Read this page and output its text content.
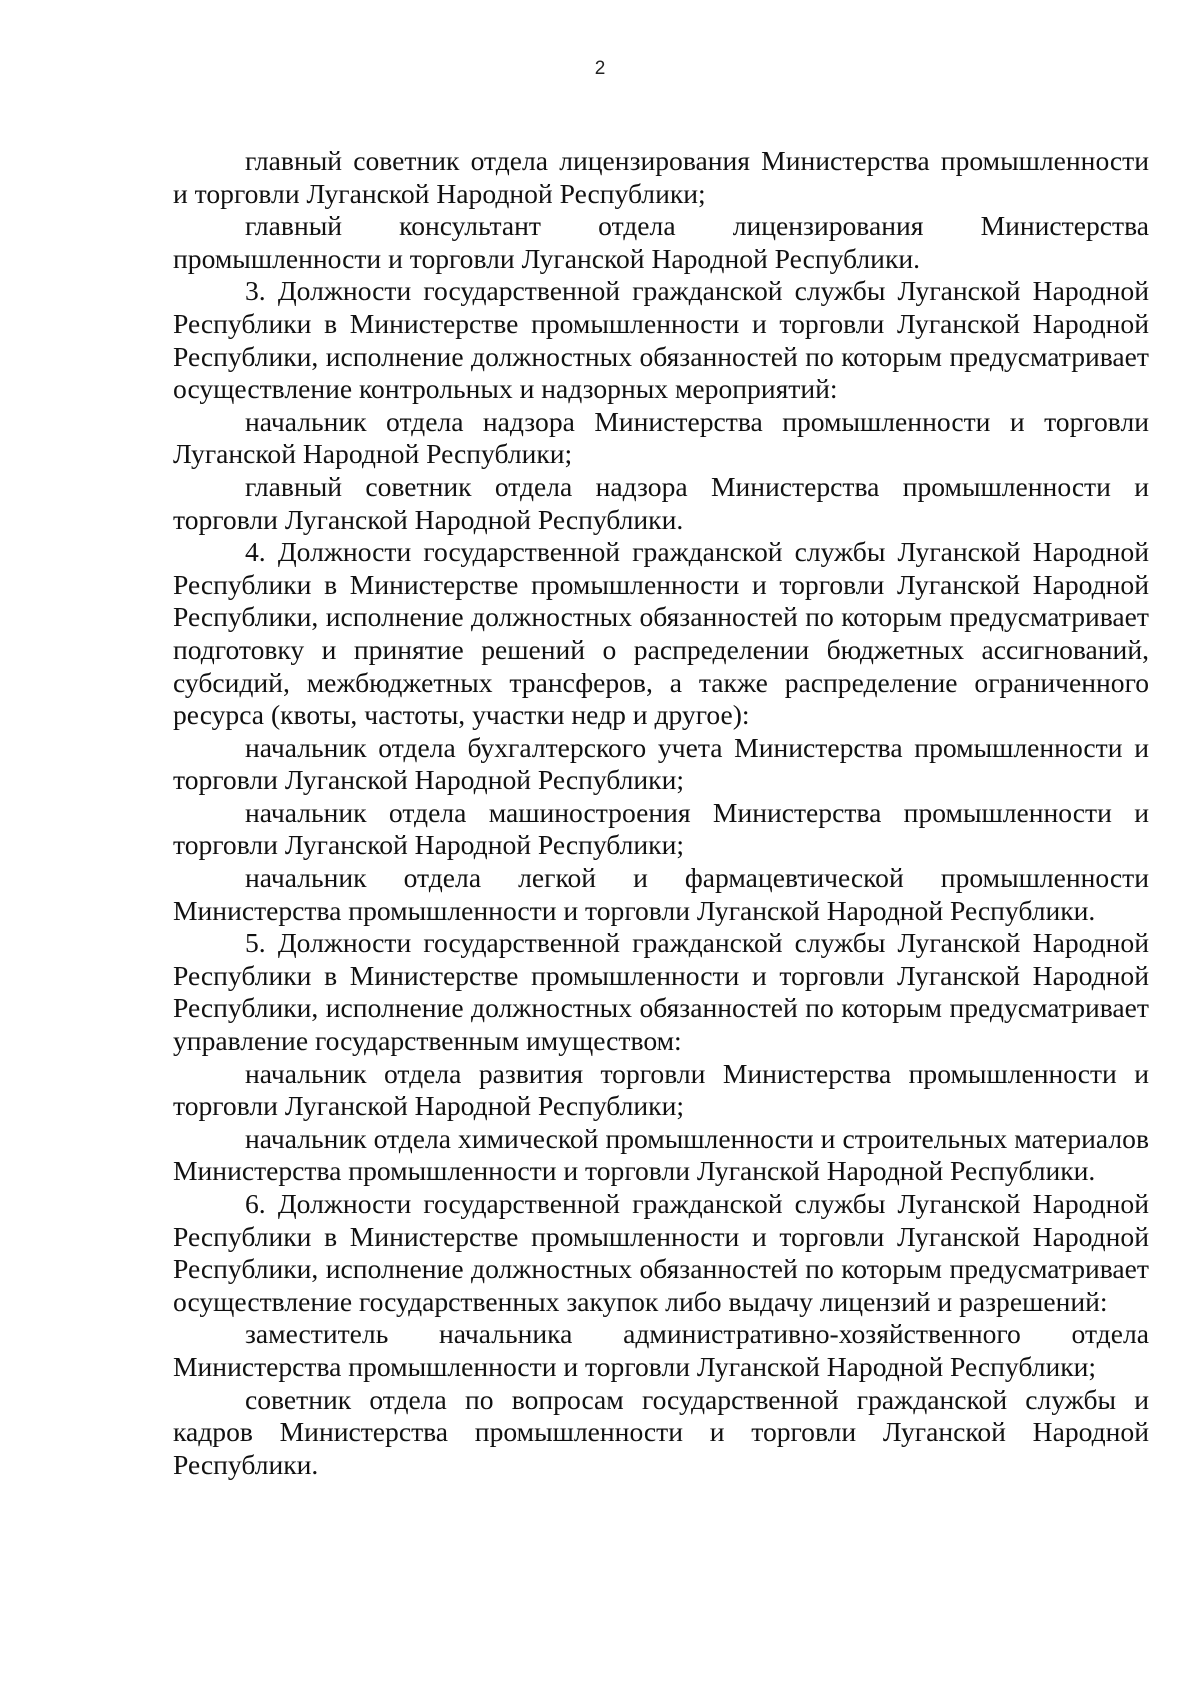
2

главный советник отдела лицензирования Министерства промышленности и торговли Луганской Народной Республики;

главный консультант отдела лицензирования Министерства промышленности и торговли Луганской Народной Республики.

3. Должности государственной гражданской службы Луганской Народной Республики в Министерстве промышленности и торговли Луганской Народной Республики, исполнение должностных обязанностей по которым предусматривает осуществление контрольных и надзорных мероприятий:

начальник отдела надзора Министерства промышленности и торговли Луганской Народной Республики;

главный советник отдела надзора Министерства промышленности и торговли Луганской Народной Республики.

4. Должности государственной гражданской службы Луганской Народной Республики в Министерстве промышленности и торговли Луганской Народной Республики, исполнение должностных обязанностей по которым предусматривает подготовку и принятие решений о распределении бюджетных ассигнований, субсидий, межбюджетных трансферов, а также распределение ограниченного ресурса (квоты, частоты, участки недр и другое):

начальник отдела бухгалтерского учета Министерства промышленности и торговли Луганской Народной Республики;

начальник отдела машиностроения Министерства промышленности и торговли Луганской Народной Республики;

начальник отдела легкой и фармацевтической промышленности Министерства промышленности и торговли Луганской Народной Республики.

5. Должности государственной гражданской службы Луганской Народной Республики в Министерстве промышленности и торговли Луганской Народной Республики, исполнение должностных обязанностей по которым предусматривает управление государственным имуществом:

начальник отдела развития торговли Министерства промышленности и торговли Луганской Народной Республики;

начальник отдела химической промышленности и строительных материалов Министерства промышленности и торговли Луганской Народной Республики.

6. Должности государственной гражданской службы Луганской Народной Республики в Министерстве промышленности и торговли Луганской Народной Республики, исполнение должностных обязанностей по которым предусматривает осуществление государственных закупок либо выдачу лицензий и разрешений:

заместитель начальника административно-хозяйственного отдела Министерства промышленности и торговли Луганской Народной Республики;

советник отдела по вопросам государственной гражданской службы и кадров Министерства промышленности и торговли Луганской Народной Республики.
